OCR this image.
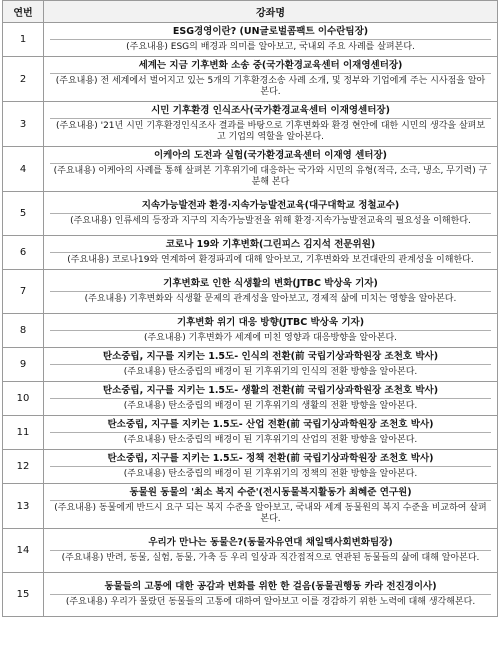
연번	강좌명
1	ESG경영이란? (UN글로벌콤팩트 이수란팀장)
(주요내용) ESG의 배경과 의미를 알아보고, 국내외 주요 사례를 살펴본다.

2	세계는 지금 기후변화 소송 중(국가환경교육센터 이재영센터장)
(주요내용) 전 세계에서 벌어지고 있는 5개의 기후환경소송 사례 소개, 및 정부와 기업에게 주는 시사점을 알아본다.

3	시민 기후환경 인식조사(국가환경교육센터 이재영센터장)
(주요내용) '21년 시민 기후환경인식조사 결과를 바탕으로 기후변화와 환경 현안에 대한 시민의 생각을 살펴보고 기업의 역할을 알아본다.

4	이케아의 도전과 실험(국가환경교육센터 이재영 센터장)
(주요내용) 이케아의 사례를 통해 살펴본 기후위기에 대응하는 국가와 시민의 유형(적극, 소극, 냉소, 무기력) 구분해 본다

5	지속가능발전과 환경·지속가능발전교육(대구대학교 정철교수)
(주요내용) 인류세의 등장과 지구의 지속가능발전을 위해 환경·지속가능발전교육의 필요성을 이해한다.

6	코로나 19와 기후변화(그린피스 김지석 전문위원)
(주요내용) 코로나19와 연계하여 환경파괴에 대해 알아보고, 기후변화와 보건대란의 관계성을 이해한다.

7	기후변화로 인한 식생활의 변화(JTBC 박상욱 기자)
(주요내용) 기후변화와 식생활 문제의 관계성을 알아보고, 경제적 삶에 미치는 영향을 알아본다.

8	기후변화 위기 대응 방향(JTBC 박상욱 기자)
(주요내용) 기후변화가 세계에 미친 영향과 대응방향을 알아본다.

9	탄소중립, 지구를 지키는 1.5도- 인식의 전환(前 국립기상과학원장 조천호 박사)
(주요내용) 탄소중립의 배경이 된 기후위기의 인식의 전환 방향을 알아본다.

10	탄소중립, 지구를 지키는 1.5도- 생활의 전환(前 국립기상과학원장 조천호 박사)
(주요내용) 탄소중립의 배경이 된 기후위기의 생활의 전환 방향을 알아본다.

11	탄소중립, 지구를 지키는 1.5도- 산업 전환(前 국립기상과학원장 조천호 박사)
(주요내용) 탄소중립의 배경이 된 기후위기의 산업의 전환 방향을 알아본다.

12	탄소중립, 지구를 지키는 1.5도- 정책 전환(前 국립기상과학원장 조천호 박사)
(주요내용) 탄소중립의 배경이 된 기후위기의 정책의 전환 방향을 알아본다.

13	동물원 동물의 '최소 복지 수준'(전시동물복지활동가 최혜준 연구원)
(주요내용) 동물에게 반드시 요구 되는 복지 수준을 알아보고, 국내와 세계 동물원의 복지 수준을 비교하여 살펴본다.

14	우리가 만나는 동물은?(동물자유연대 채일택사회변화팀장)
(주요내용) 반려, 동물, 실험, 동물, 가축 등 우리 일상과 직간접적으로 연관된 동물들의 삶에 대해 알아본다.

15	동물들의 고통에 대한 공감과 변화를 위한 한 걸음(동물권행동 카라 전진경이사)
(주요내용) 우리가 몰랐던 동물들의 고통에 대하여 알아보고 이를 경감하기 위한 노력에 대해 생각해본다.
